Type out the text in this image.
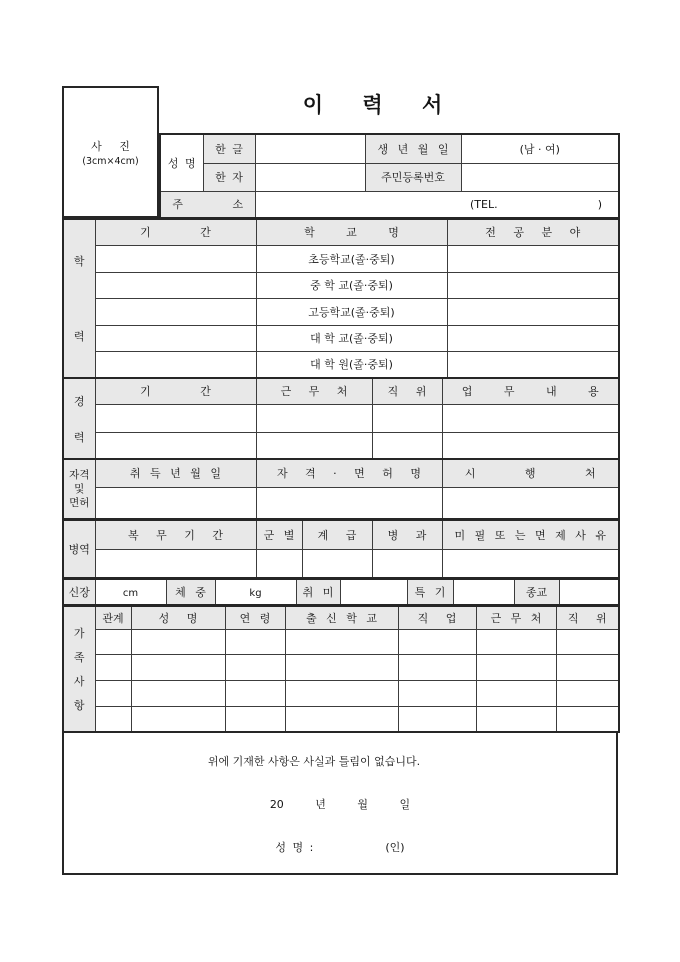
사 진
(3cm×4cm)
이 력 서
성 명	한 글		생 년 월 일	(남 · 여)
	한 자		주민등록번호	
주 소		(TEL. )		
학
력	기 간	학 교 명	전 공 분 야
		초등학교(졸·중퇴)	
		중 학 교(졸·중퇴)	
		고등학교(졸·중퇴)	
		대 학 교(졸·중퇴)	
		대 학 원(졸·중퇴)	
경
력	기 간	근 무 처	직 위	업 무 내 용

자격
및
면허	취 득 년 월 일	자 격 · 면 허 명	시 행 처

병역	복 무 기 간	군 별	계 급	병 과	미 필 또 는 면 제 사 유

신장	cm	체 중	kg	취 미		특 기		종교	
가
족
사
항	관계	성 명	연 령	출 신 학 교	직 업	근 무 처	직 위

위에 기재한 사항은 사실과 틀림이 없습니다.
20 년 월 일
성 명 :	(인)
